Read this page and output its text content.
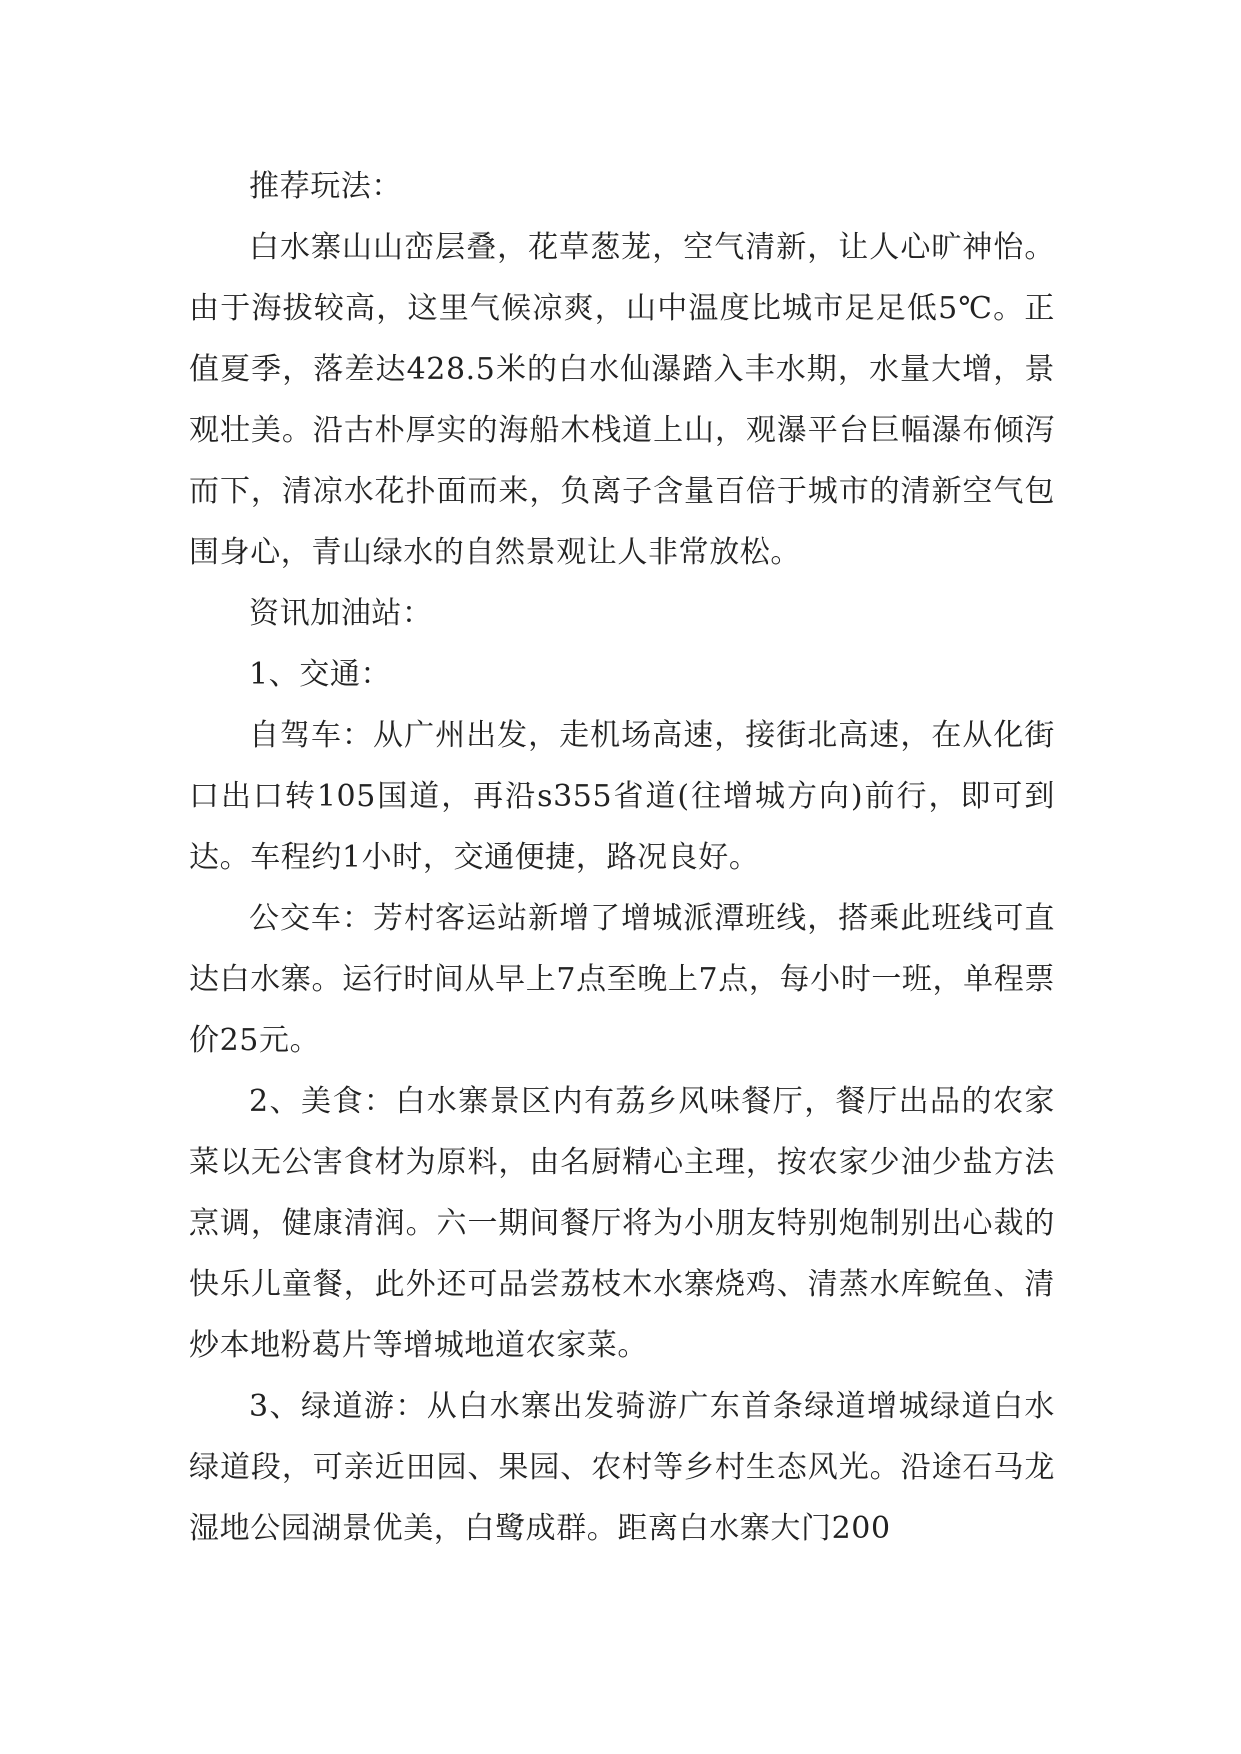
推荐玩法：

白水寨山山峦层叠，花草葱茏，空气清新，让人心旷神怡。由于海拔较高，这里气候凉爽，山中温度比城市足足低5℃。正值夏季，落差达428.5米的白水仙瀑踏入丰水期，水量大增，景观壮美。沿古朴厚实的海船木栈道上山，观瀑平台巨幅瀑布倾泻而下，清凉水花扑面而来，负离子含量百倍于城市的清新空气包围身心，青山绿水的自然景观让人非常放松。

资讯加油站：

1、交通：

自驾车：从广州出发，走机场高速，接街北高速，在从化街口出口转105国道，再沿s355省道(往增城方向)前行，即可到达。车程约1小时，交通便捷，路况良好。

公交车：芳村客运站新增了增城派潭班线，搭乘此班线可直达白水寨。运行时间从早上7点至晚上7点，每小时一班，单程票价25元。

2、美食：白水寨景区内有荔乡风味餐厅，餐厅出品的农家菜以无公害食材为原料，由名厨精心主理，按农家少油少盐方法烹调，健康清润。六一期间餐厅将为小朋友特别炮制别出心裁的快乐儿童餐，此外还可品尝荔枝木水寨烧鸡、清蒸水库鲩鱼、清炒本地粉葛片等增城地道农家菜。

3、绿道游：从白水寨出发骑游广东首条绿道增城绿道白水绿道段，可亲近田园、果园、农村等乡村生态风光。沿途石马龙湿地公园湖景优美，白鹭成群。距离白水寨大门200
